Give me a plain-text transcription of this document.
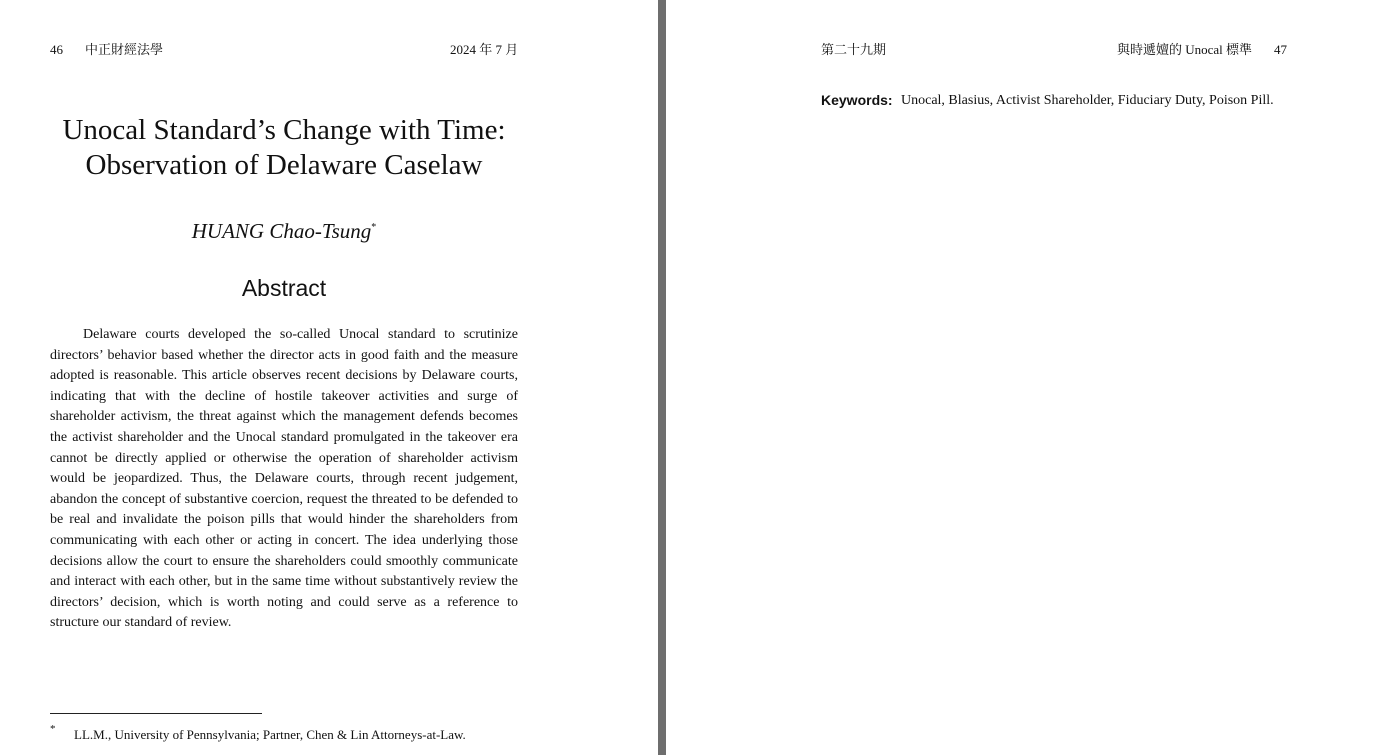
46 中正財經法學	2024 年 7 月
Unocal Standard’s Change with Time:
Observation of Delaware Caselaw
HUANG Chao-Tsung*
Abstract

Delaware courts developed the so-called Unocal standard to scrutinize directors’ behavior based whether the director acts in good faith and the measure adopted is reasonable. This article observes recent decisions by Delaware courts, indicating that with the decline of hostile takeover activities and surge of shareholder activism, the threat against which the management defends becomes the activist shareholder and the Unocal standard promulgated in the takeover era cannot be directly applied or otherwise the operation of shareholder activism would be jeopardized. Thus, the Delaware courts, through recent judgement, abandon the concept of substantive coercion, request the threated to be defended to be real and invalidate the poison pills that would hinder the shareholders from communicating with each other or acting in concert. The idea underlying those decisions allow the court to ensure the shareholders could smoothly communicate and interact with each other, but in the same time without substantively review the directors’ decision, which is worth noting and could serve as a reference to structure our standard of review.

* LL.M., University of Pennsylvania; Partner, Chen & Lin Attorneys-at-Law.
第二十九期	與時遞嬗的 Unocal 標準 47
Keywords: Unocal, Blasius, Activist Shareholder, Fiduciary Duty, Poison Pill.
